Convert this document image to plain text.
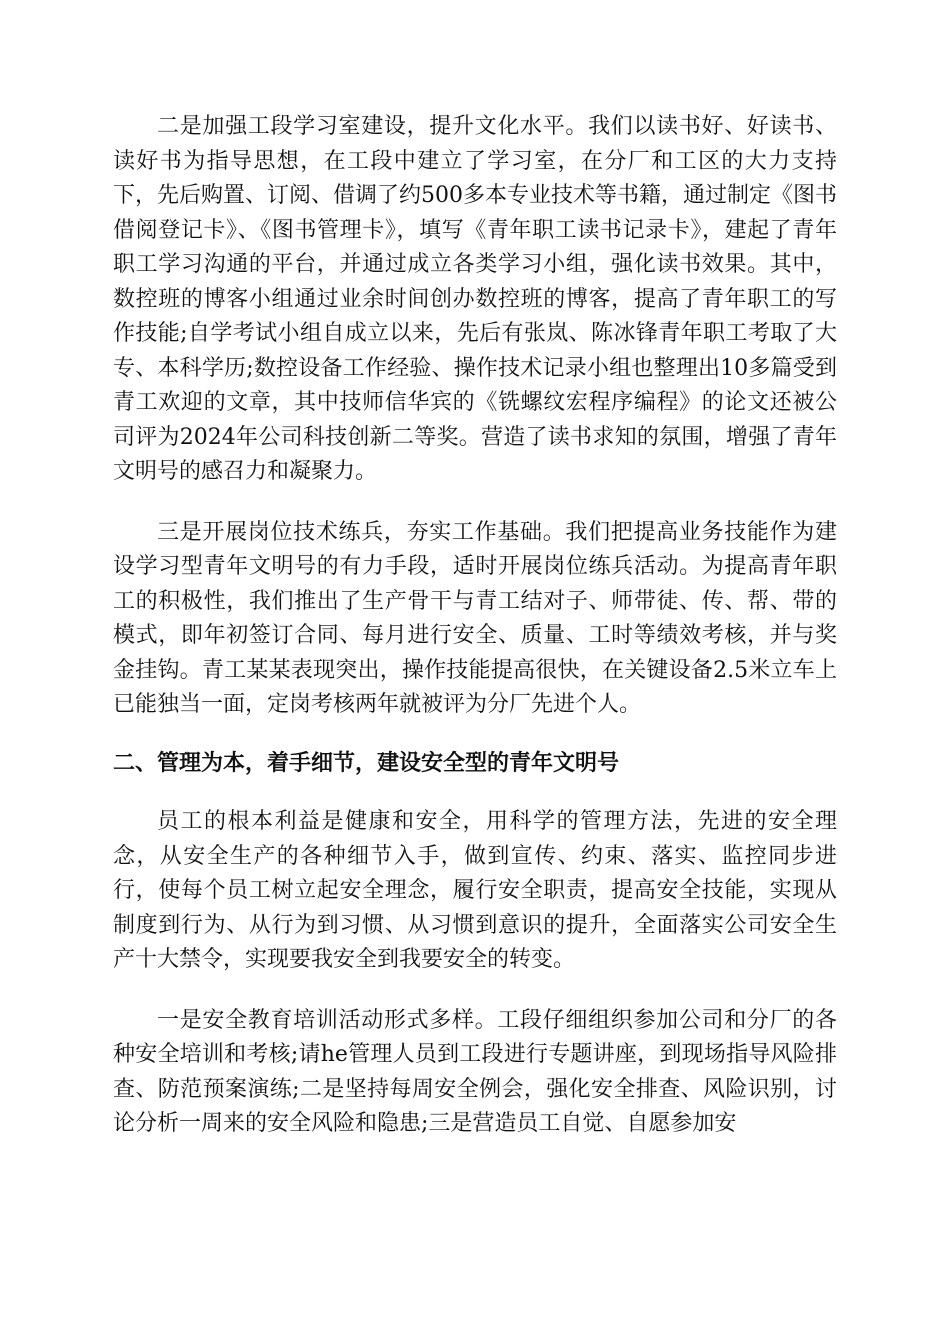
二是加强工段学习室建设，提升文化水平。我们以读书好、好读书、读好书为指导思想，在工段中建立了学习室，在分厂和工区的大力支持下，先后购置、订阅、借调了约500多本专业技术等书籍，通过制定《图书借阅登记卡》、《图书管理卡》，填写《青年职工读书记录卡》，建起了青年职工学习沟通的平台，并通过成立各类学习小组，强化读书效果。其中，数控班的博客小组通过业余时间创办数控班的博客，提高了青年职工的写作技能;自学考试小组自成立以来，先后有张岚、陈冰锋青年职工考取了大专、本科学历;数控设备工作经验、操作技术记录小组也整理出10多篇受到青工欢迎的文章，其中技师信华宾的《铣螺纹宏程序编程》的论文还被公司评为2024年公司科技创新二等奖。营造了读书求知的氛围，增强了青年文明号的感召力和凝聚力。

三是开展岗位技术练兵，夯实工作基础。我们把提高业务技能作为建设学习型青年文明号的有力手段，适时开展岗位练兵活动。为提高青年职工的积极性，我们推出了生产骨干与青工结对子、师带徒、传、帮、带的模式，即年初签订合同、每月进行安全、质量、工时等绩效考核，并与奖金挂钩。青工某某表现突出，操作技能提高很快，在关键设备2.5米立车上已能独当一面，定岗考核两年就被评为分厂先进个人。

二、管理为本，着手细节，建设安全型的青年文明号

员工的根本利益是健康和安全，用科学的管理方法，先进的安全理念，从安全生产的各种细节入手，做到宣传、约束、落实、监控同步进行，使每个员工树立起安全理念，履行安全职责，提高安全技能，实现从制度到行为、从行为到习惯、从习惯到意识的提升，全面落实公司安全生产十大禁令，实现要我安全到我要安全的转变。

一是安全教育培训活动形式多样。工段仔细组织参加公司和分厂的各种安全培训和考核;请he管理人员到工段进行专题讲座，到现场指导风险排查、防范预案演练;二是坚持每周安全例会，强化安全排查、风险识别，讨论分析一周来的安全风险和隐患;三是营造员工自觉、自愿参加安
